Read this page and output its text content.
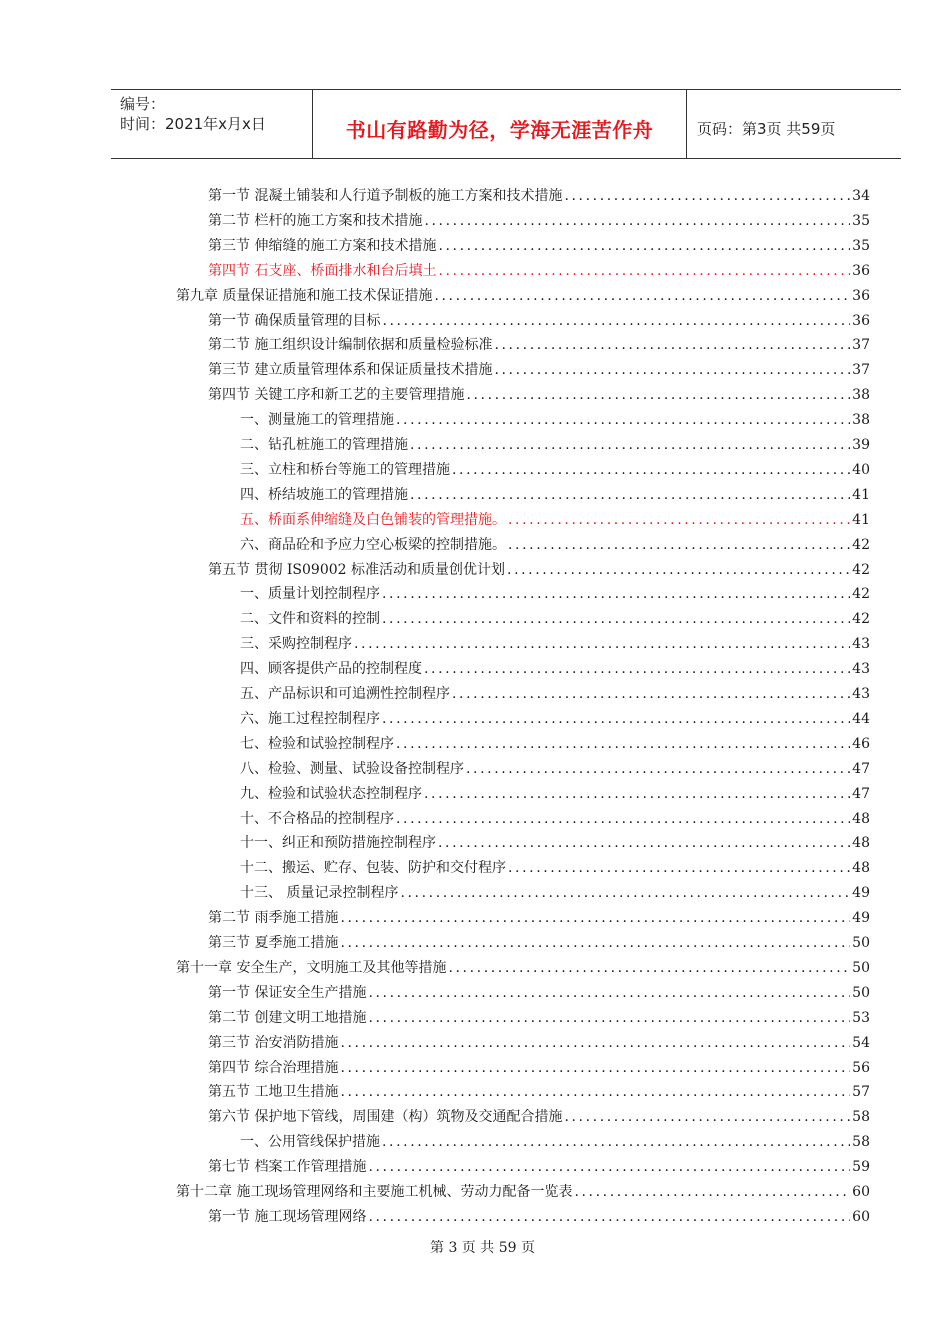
编号：
时间：2021年x月x日	书山有路勤为径，学海无涯苦作舟	页码：第3页 共59页
第一节 混凝土铺装和人行道予制板的施工方案和技术措施 .....	34
第二节 栏杆的施工方案和技术措施 .....	35
第三节 伸缩缝的施工方案和技术措施 .....	35
第四节 石支座、桥面排水和台后填土 .....	36
第九章 质量保证措施和施工技术保证措施 .....	36
第一节 确保质量管理的目标 .....	36
第二节 施工组织设计编制依据和质量检验标准 .....	37
第三节 建立质量管理体系和保证质量技术措施 .....	37
第四节 关键工序和新工艺的主要管理措施 .....	38
一、测量施工的管理措施 .....	38
二、钻孔桩施工的管理措施 .....	39
三、立柱和桥台等施工的管理措施 .....	40
四、桥结坡施工的管理措施 .....	41
五、桥面系伸缩缝及白色铺装的管理措施。 .....	41
六、商品砼和予应力空心板梁的控制措施。 .....	42
第五节 贯彻 IS09002 标准活动和质量创优计划 .....	42
一、质量计划控制程序 .....	42
二、文件和资料的控制 .....	42
三、采购控制程序 .....	43
四、顾客提供产品的控制程度 .....	43
五、产品标识和可追溯性控制程序 .....	43
六、施工过程控制程序 .....	44
七、检验和试验控制程序 .....	46
八、检验、测量、试验设备控制程序 .....	47
九、检验和试验状态控制程序 .....	47
十、不合格品的控制程序 .....	48
十一、纠正和预防措施控制程序 .....	48
十二、搬运、贮存、包装、防护和交付程序 .....	48
十三、 质量记录控制程序 .....	49
第二节 雨季施工措施 .....	49
第三节 夏季施工措施 .....	50
第十一章 安全生产，文明施工及其他等措施 .....	50
第一节 保证安全生产措施 .....	50
第二节 创建文明工地措施 .....	53
第三节 治安消防措施 .....	54
第四节 综合治理措施 .....	56
第五节 工地卫生措施 .....	57
第六节 保护地下管线，周围建（构）筑物及交通配合措施 .....	58
一、公用管线保护措施 .....	58
第七节 档案工作管理措施 .....	59
第十二章 施工现场管理网络和主要施工机械、劳动力配备一览表 .....	60
第一节 施工现场管理网络 .....	60
第 3 页 共 59 页
